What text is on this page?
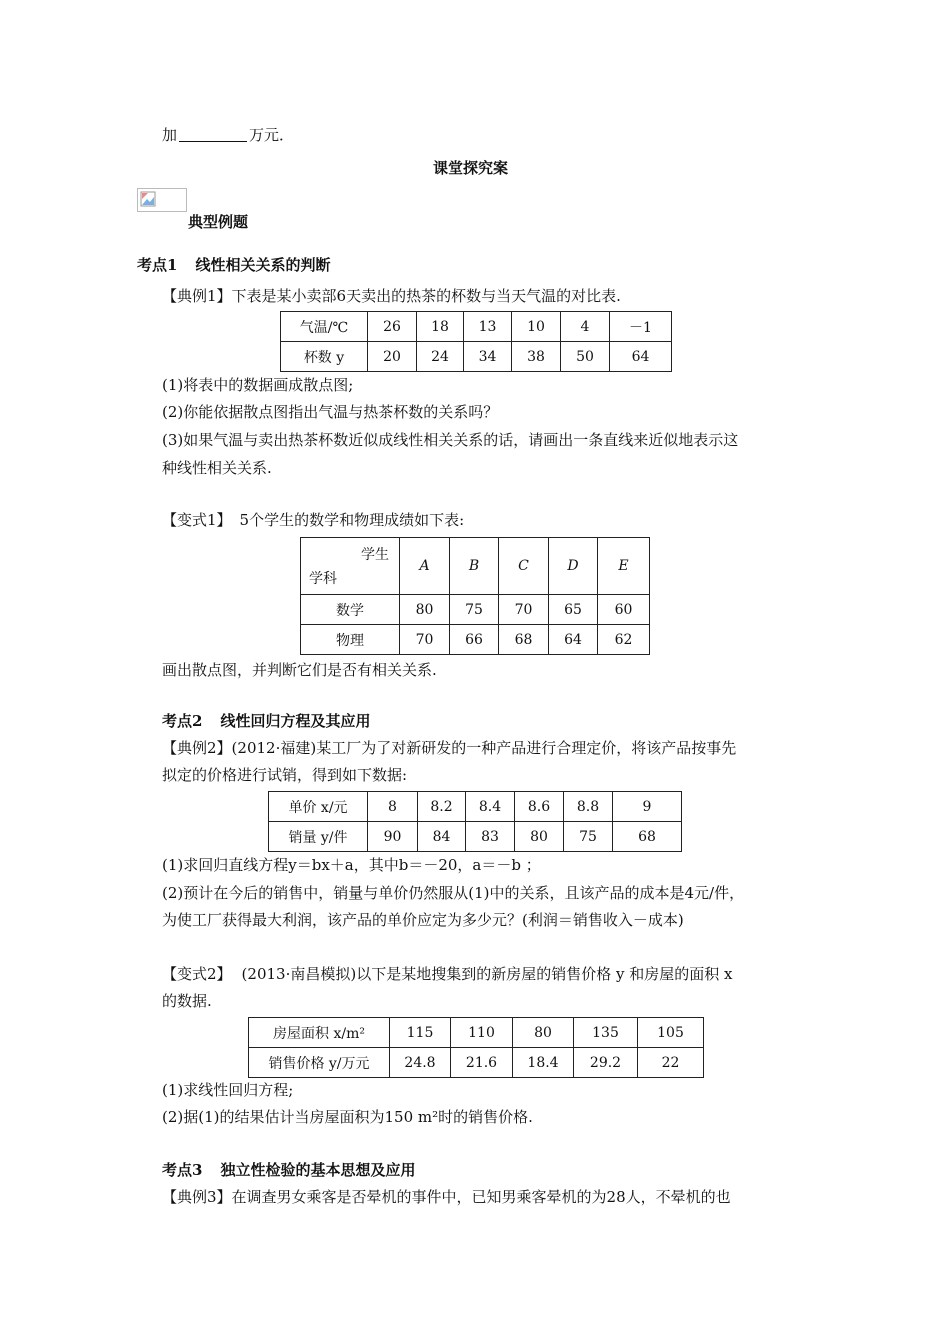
加	万元．
课堂探究案
典型例题
考点1 线性相关关系的判断
【典例1】下表是某小卖部6天卖出的热茶的杯数与当天气温的对比表.
气温/℃	26	18	13	10	4	－1
杯数 y	20	24	34	38	50	64
(1)将表中的数据画成散点图;
(2)你能依据散点图指出气温与热茶杯数的关系吗？
(3)如果气温与卖出热茶杯数近似成线性相关关系的话，请画出一条直线来近似地表示这
种线性相关关系.
【变式1】 5个学生的数学和物理成绩如下表:
学生
学科	A	B	C	D	E
数学	80	75	70	65	60
物理	70	66	68	64	62
画出散点图，并判断它们是否有相关关系.
考点2 线性回归方程及其应用
【典例2】(2012·福建)某工厂为了对新研发的一种产品进行合理定价，将该产品按事先
拟定的价格进行试销，得到如下数据:
单价 x/元	8	8.2	8.4	8.6	8.8	9
销量 y/件	90	84	83	80	75	68
(1)求回归直线方程y＝bx＋a，其中b＝－20，a＝－b ；
(2)预计在今后的销售中，销量与单价仍然服从(1)中的关系，且该产品的成本是4元/件，
为使工厂获得最大利润，该产品的单价应定为多少元？(利润＝销售收入－成本)
【变式2】 (2013·南昌模拟)以下是某地搜集到的新房屋的销售价格 y 和房屋的面积 x
的数据.
房屋面积 x/m²	115	110	80	135	105
销售价格 y/万元	24.8	21.6	18.4	29.2	22
(1)求线性回归方程;
(2)据(1)的结果估计当房屋面积为150 m²时的销售价格.
考点3 独立性检验的基本思想及应用
【典例3】在调查男女乘客是否晕机的事件中，已知男乘客晕机的为28人，不晕机的也
